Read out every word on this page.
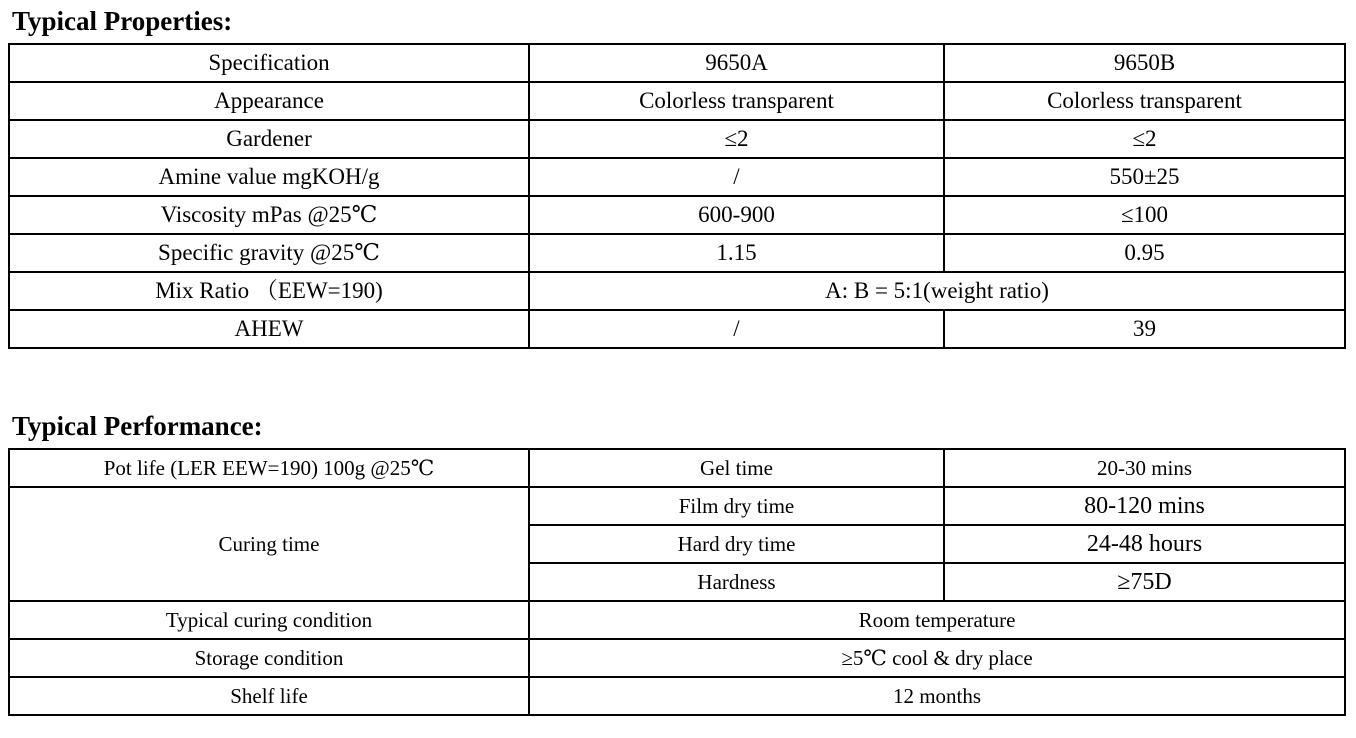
Typical Properties:
Specification	9650A	9650B
Appearance	Colorless transparent	Colorless transparent
Gardener	≤2	≤2
Amine value mgKOH/g	/	550±25
Viscosity mPas @25℃	600-900	≤100
Specific gravity @25℃	1.15	0.95
Mix Ratio （EEW=190)	A: B = 5:1(weight ratio)	
AHEW	/	39
Typical Performance:
Pot life (LER EEW=190) 100g @25℃	Gel time	20-30 mins
Curing time	Film dry time	80-120 mins
	Hard dry time	24-48 hours
	Hardness	≥75D
Typical curing condition	Room temperature	
Storage condition	≥5℃ cool & dry place	
Shelf life	12 months	
